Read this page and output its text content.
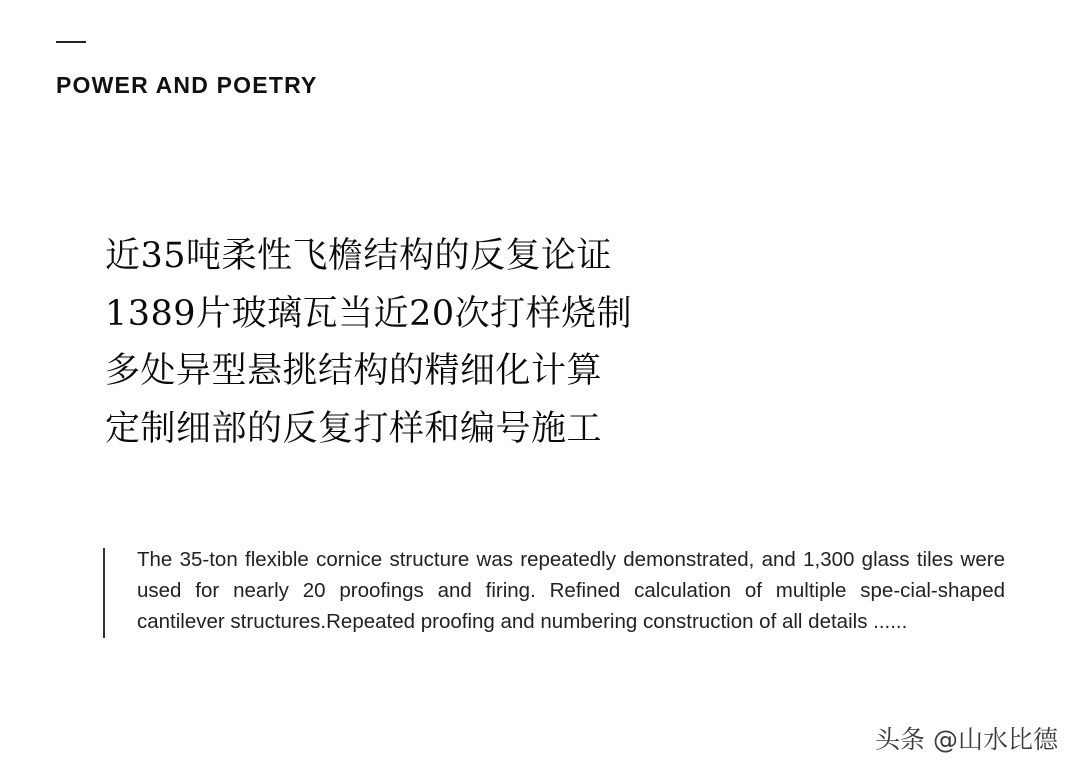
POWER AND POETRY
近35吨柔性飞檐结构的反复论证
1389片玻璃瓦当近20次打样烧制
多处异型悬挑结构的精细化计算
定制细部的反复打样和编号施工

The 35-ton flexible cornice structure was repeatedly demonstrated, and 1,300 glass tiles were used for nearly 20 proofings and firing. Refined calculation of multiple spe-cial-shaped cantilever structures.Repeated proofing and numbering construction of all details ......

头条 @山水比德
